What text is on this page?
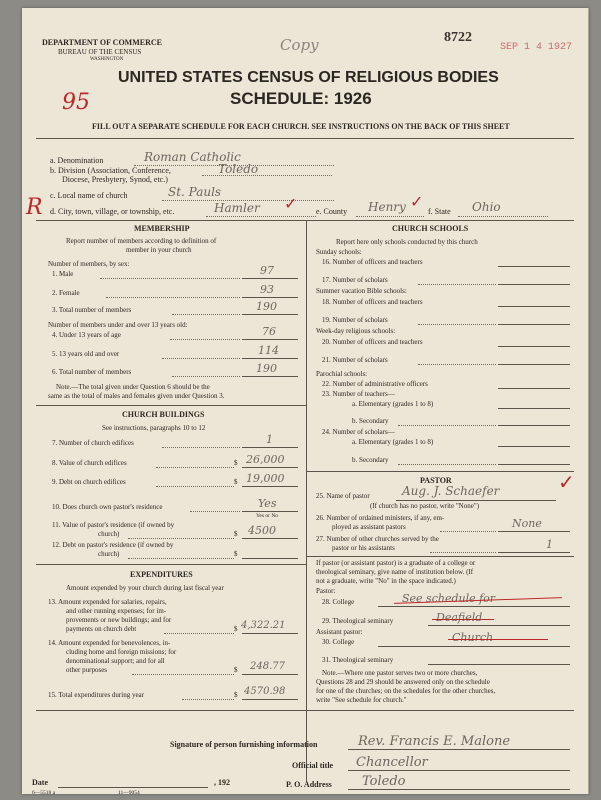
DEPARTMENT OF COMMERCE
BUREAU OF THE CENSUS
WASHINGTON
Copy	8722
SEP 1 4 1927
UNITED STATES CENSUS OF RELIGIOUS BODIES
SCHEDULE: 1926
95
FILL OUT A SEPARATE SCHEDULE FOR EACH CHURCH. SEE INSTRUCTIONS ON THE BACK OF THIS SHEET
a. Denomination	Roman Catholic
b. Division (Association, Conference,
Diocese, Presbytery, Synod, etc.)
Toledo
c. Local name of church	St. Pauls
R d. City, town, village, or township, etc.	Hamler ✓ e. County Henry ✓
f. State Ohio
MEMBERSHIP
Report number of members according to definition of
member in your church
Number of members, by sex:
1. Male	97
2. Female	93
3. Total number of members	190
Number of members under and over 13 years old:
4. Under 13 years of age	76
5. 13 years old and over	114
6. Total number of members	190
Note.—The total given under Question 6 should be the
same as the total of males and females given under Question 3.
CHURCH BUILDINGS
See instructions, paragraphs 10 to 12
7. Number of church edifices	1
8. Value of church edifices	$ 26,000
9. Debt on church edifices	$ 19,000
10. Does church own pastor's residence	Yes
Yes or No
11. Value of pastor's residence (if owned by
church)	$ 4500
12. Debt on pastor's residence (if owned by
church)	$
EXPENDITURES
Amount expended by your church during last fiscal year
13. Amount expended for salaries, repairs,
and other running expenses; for im-
provements or new buildings; and for
payments on church debt	$ 4,322.21
14. Amount expended for benevolences, in-
cluding home and foreign missions; for
denominational support; and for all
other purposes	$ 248.77
15. Total expenditures during year	$ 4570.98
CHURCH SCHOOLS
Report here only schools conducted by this church
Sunday schools:
16. Number of officers and teachers
17. Number of scholars
Summer vacation Bible schools:
18. Number of officers and teachers
19. Number of scholars
Week-day religious schools:
20. Number of officers and teachers
21. Number of scholars
Parochial schools:
22. Number of administrative officers
23. Number of teachers—
a. Elementary (grades 1 to 8)
b. Secondary
24. Number of scholars—
a. Elementary (grades 1 to 8)
b. Secondary
PASTOR
25. Name of pastor	Aug. J. Schaefer	✓
(If church has no pastor, write "None")
26. Number of ordained ministers, if any, em-
ployed as assistant pastors	None
27. Number of other churches served by the
pastor or his assistants	1
If pastor (or assistant pastor) is a graduate of a college or
theological seminary, give name of institution below. (If
not a graduate, write "No" in the space indicated.)
Pastor:
28. College	See schedule for
29. Theological seminary	Deafield
Assistant pastor:
30. College	Church
31. Theological seminary
Note.—Where one pastor serves two or more churches,
Questions 28 and 29 should be answered only on the schedule
for one of the churches; on the schedules for the other churches,
write "See schedule for church."
Signature of person furnishing information	Rev. Francis E. Malone
Official title Chancellor
Date	, 192	P. O. Address Toledo
6—5518 a	11—9054
